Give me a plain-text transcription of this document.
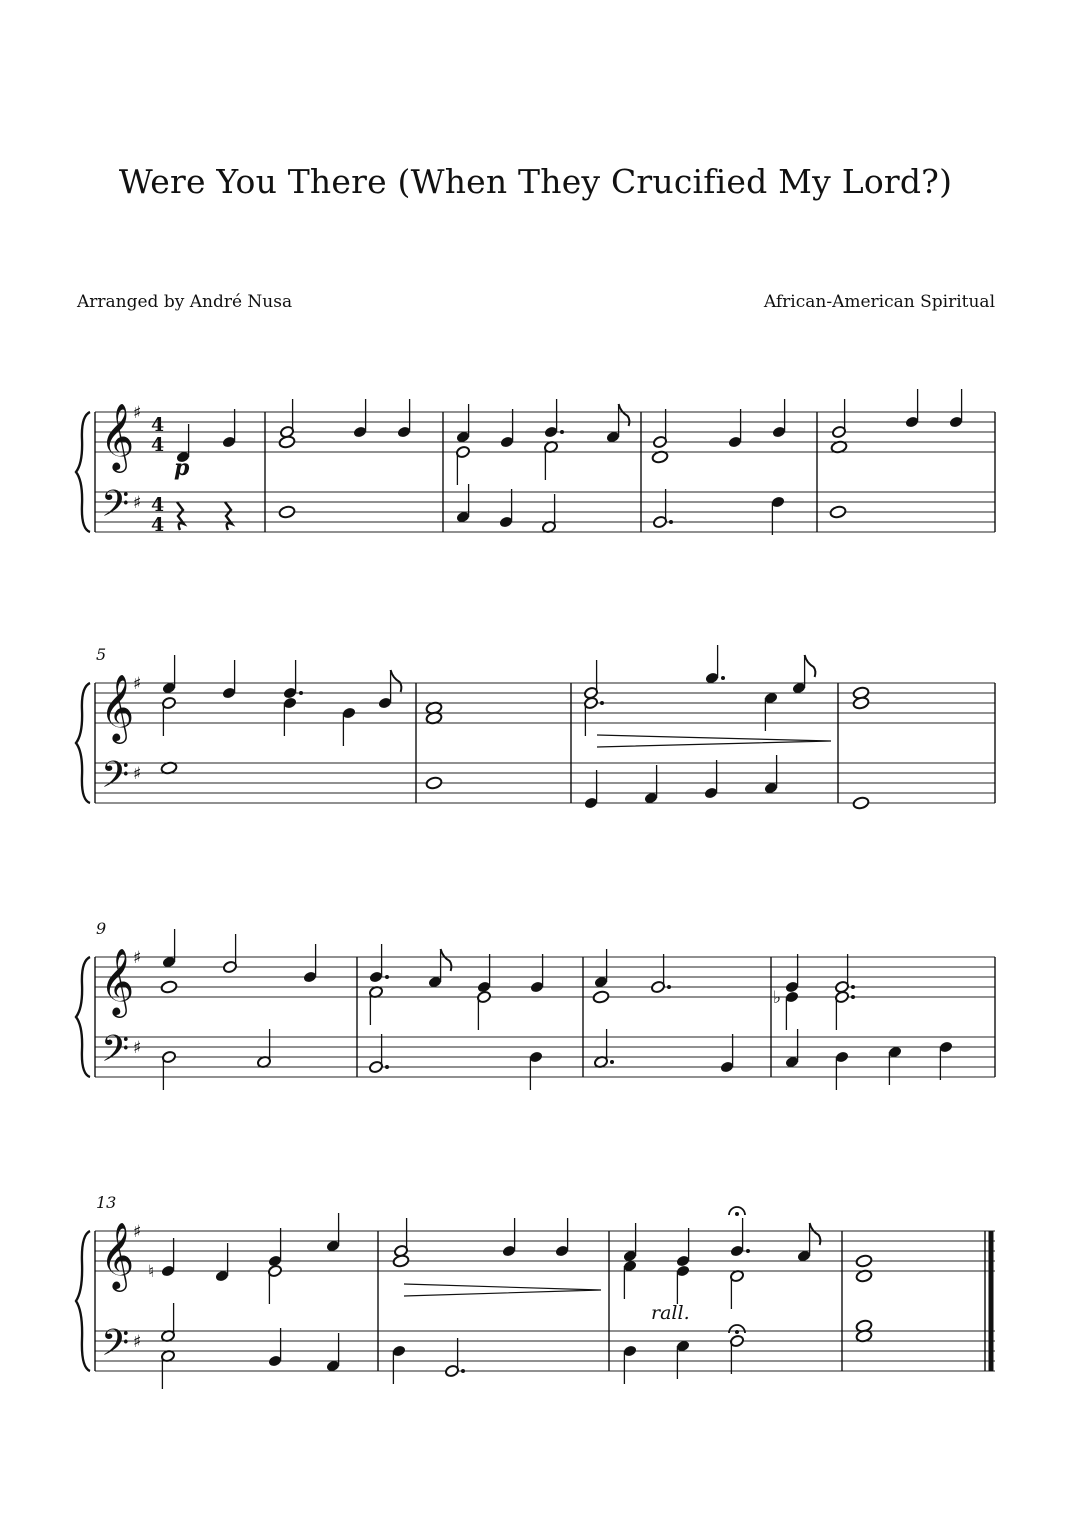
Were You There (When They Crucified My Lord?)
Arranged by André Nusa	African-American Spiritual
𝄞
𝄢
♯
♯
4
4
4
4
p
𝄞
𝄢
♯
♯
5
𝄞
𝄢
♯
♯
9
♭
𝄞
𝄢
♯
♯
13
♮
rall.
